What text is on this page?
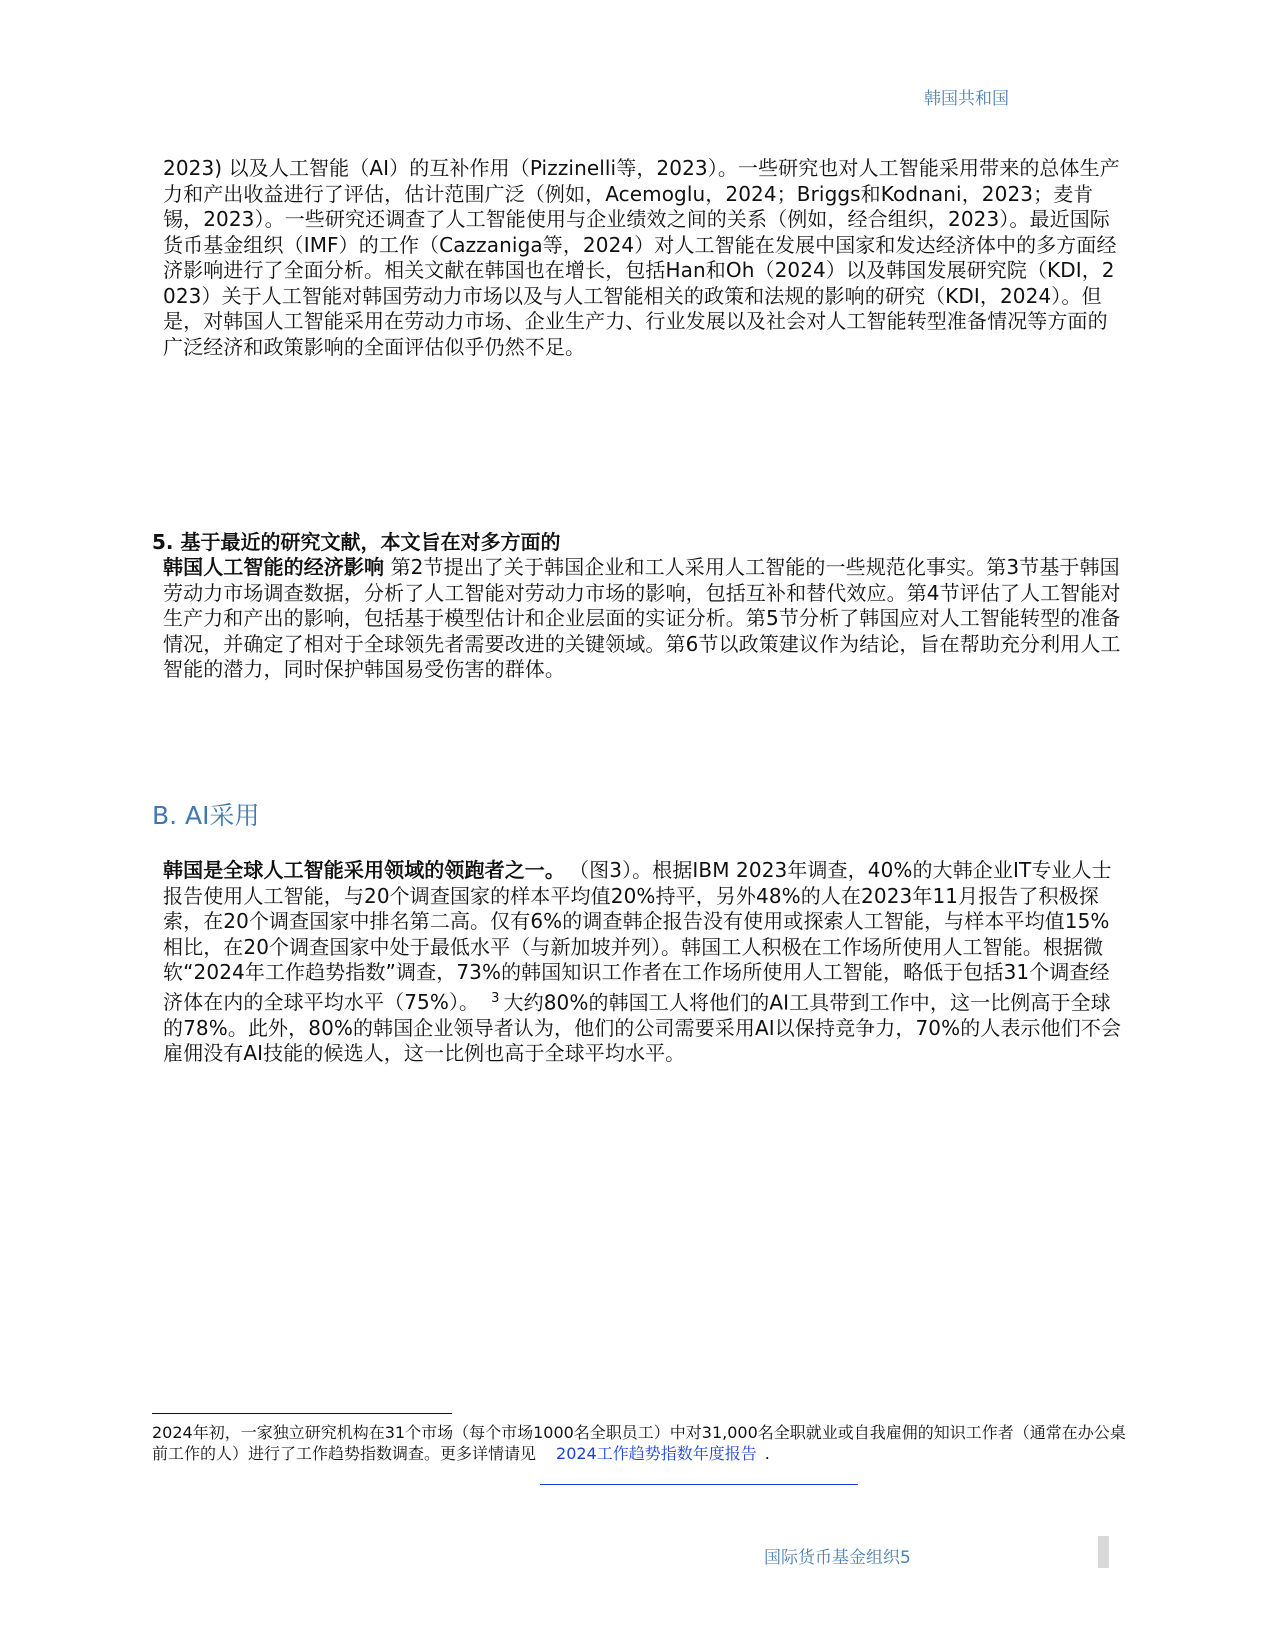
韩国共和国
2023) 以及人工智能（AI）的互补作用（Pizzinelli等，2023）。一些研究也对人工智能采用带来的总体生产力和产出收益进行了评估，估计范围广泛（例如，Acemoglu，2024；Briggs和Kodnani，2023；麦肯锡，2023）。一些研究还调查了人工智能使用与企业绩效之间的关系（例如，经合组织，2023）。最近国际货币基金组织（IMF）的工作（Cazzaniga等，2024）对人工智能在发展中国家和发达经济体中的多方面经济影响进行了全面分析。相关文献在韩国也在增长，包括Han和Oh（2024）以及韩国发展研究院（KDI，2023）关于人工智能对韩国劳动力市场以及与人工智能相关的政策和法规的影响的研究（KDI，2024）。但是，对韩国人工智能采用在劳动力市场、企业生产力、行业发展以及社会对人工智能转型准备情况等方面的广泛经济和政策影响的全面评估似乎仍然不足。
5. 基于最近的研究文献，本文旨在对多方面的
韩国人工智能的经济影响 第2节提出了关于韩国企业和工人采用人工智能的一些规范化事实。第3节基于韩国劳动力市场调查数据，分析了人工智能对劳动力市场的影响，包括互补和替代效应。第4节评估了人工智能对生产力和产出的影响，包括基于模型估计和企业层面的实证分析。第5节分析了韩国应对人工智能转型的准备情况，并确定了相对于全球领先者需要改进的关键领域。第6节以政策建议作为结论，旨在帮助充分利用人工智能的潜力，同时保护韩国易受伤害的群体。
B. AI采用
韩国是全球人工智能采用领域的领跑者之一。 （图3）。根据IBM 2023年调查，40%的大韩企业IT专业人士报告使用人工智能，与20个调查国家的样本平均值20%持平，另外48%的人在2023年11月报告了积极探索，在20个调查国家中排名第二高。仅有6%的调查韩企报告没有使用或探索人工智能，与样本平均值15%相比，在20个调查国家中处于最低水平（与新加坡并列）。韩国工人积极在工作场所使用人工智能。根据微软“2024年工作趋势指数”调查，73%的韩国知识工作者在工作场所使用人工智能，略低于包括31个调查经济体在内的全球平均水平（75%）。 $^3$ 大约80%的韩国工人将他们的AI工具带到工作中，这一比例高于全球的78%。此外，80%的韩国企业领导者认为，他们的公司需要采用AI以保持竞争力，70%的人表示他们不会雇佣没有AI技能的候选人，这一比例也高于全球平均水平。
2024年初，一家独立研究机构在31个市场（每个市场1000名全职员工）中对31,000名全职就业或自我雇佣的知识工作者（通常在办公桌前工作的人）进行了工作趋势指数调查。更多详情请见 2024工作趋势指数年度报告 .
国际货币基金组织5
